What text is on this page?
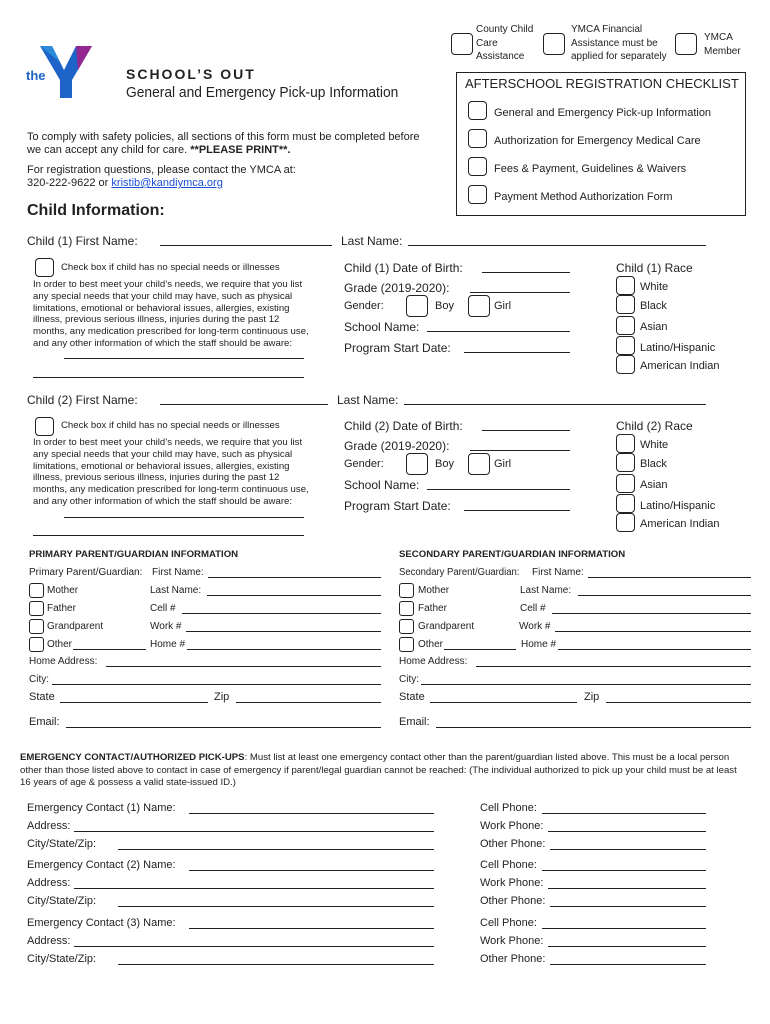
the
YMCA
County Child Care Assistance
YMCA Financial Assistance must be applied for separately
YMCA Member
SCHOOL’S OUT
General and Emergency Pick-up Information
To comply with safety policies, all sections of this form must be completed before we can accept any child for care. **PLEASE PRINT**.
For registration questions, please contact the YMCA at:
320-222-9622 or kristib@kandiymca.org
AFTERSCHOOL REGISTRATION CHECKLIST
General and Emergency Pick-up Information
Authorization for Emergency Medical Care
Fees & Payment, Guidelines & Waivers
Payment Method Authorization Form
Child Information:
Child (1) First Name:	Last Name:
Check box if child has no special needs or illnesses
In order to best meet your child’s needs, we require that you list any special needs that your child may have, such as physical limitations, emotional or behavioral issues, allergies, existing illness, previous serious illness, injuries during the past 12 months, any medication prescribed for long-term continuous use, and any other information of which the staff should be aware:
Child (1) Date of Birth:
Grade (2019-2020):
Gender:	Boy	Girl
School Name:
Program Start Date:
Child (1) Race
White
Black
Asian
Latino/Hispanic
American Indian
Child (2) First Name:	Last Name:
Check box if child has no special needs or illnesses
In order to best meet your child’s needs, we require that you list any special needs that your child may have, such as physical limitations, emotional or behavioral issues, allergies, existing illness, previous serious illness, injuries during the past 12 months, any medication prescribed for long-term continuous use, and any other information of which the staff should be aware:
Child (2) Date of Birth:
Grade (2019-2020):
Gender:	Boy	Girl
School Name:
Program Start Date:
Child (2) Race
White
Black
Asian
Latino/Hispanic
American Indian
PRIMARY PARENT/GUARDIAN INFORMATION
Primary Parent/Guardian: First Name:
Mother	Last Name:
Father	Cell #
Grandparent	Work #
Other	Home #
Home Address:
City:
State	Zip
Email:
SECONDARY PARENT/GUARDIAN INFORMATION
Secondary Parent/Guardian: First Name:
Mother	Last Name:
Father	Cell #
Grandparent	Work #
Other	Home #
Home Address:
City:
State	Zip
Email:
EMERGENCY CONTACT/AUTHORIZED PICK-UPS: Must list at least one emergency contact other than the parent/guardian listed above. This must be a local person other than those listed above to contact in case of emergency if parent/legal guardian cannot be reached: (The individual authorized to pick up your child must be at least 16 years of age & possess a valid state-issued ID.)
Emergency Contact (1) Name:
Address:
City/State/Zip:
Cell Phone:
Work Phone:
Other Phone:
Emergency Contact (2) Name:
Address:
City/State/Zip:
Cell Phone:
Work Phone:
Other Phone:
Emergency Contact (3) Name:
Address:
City/State/Zip:
Cell Phone:
Work Phone:
Other Phone:
